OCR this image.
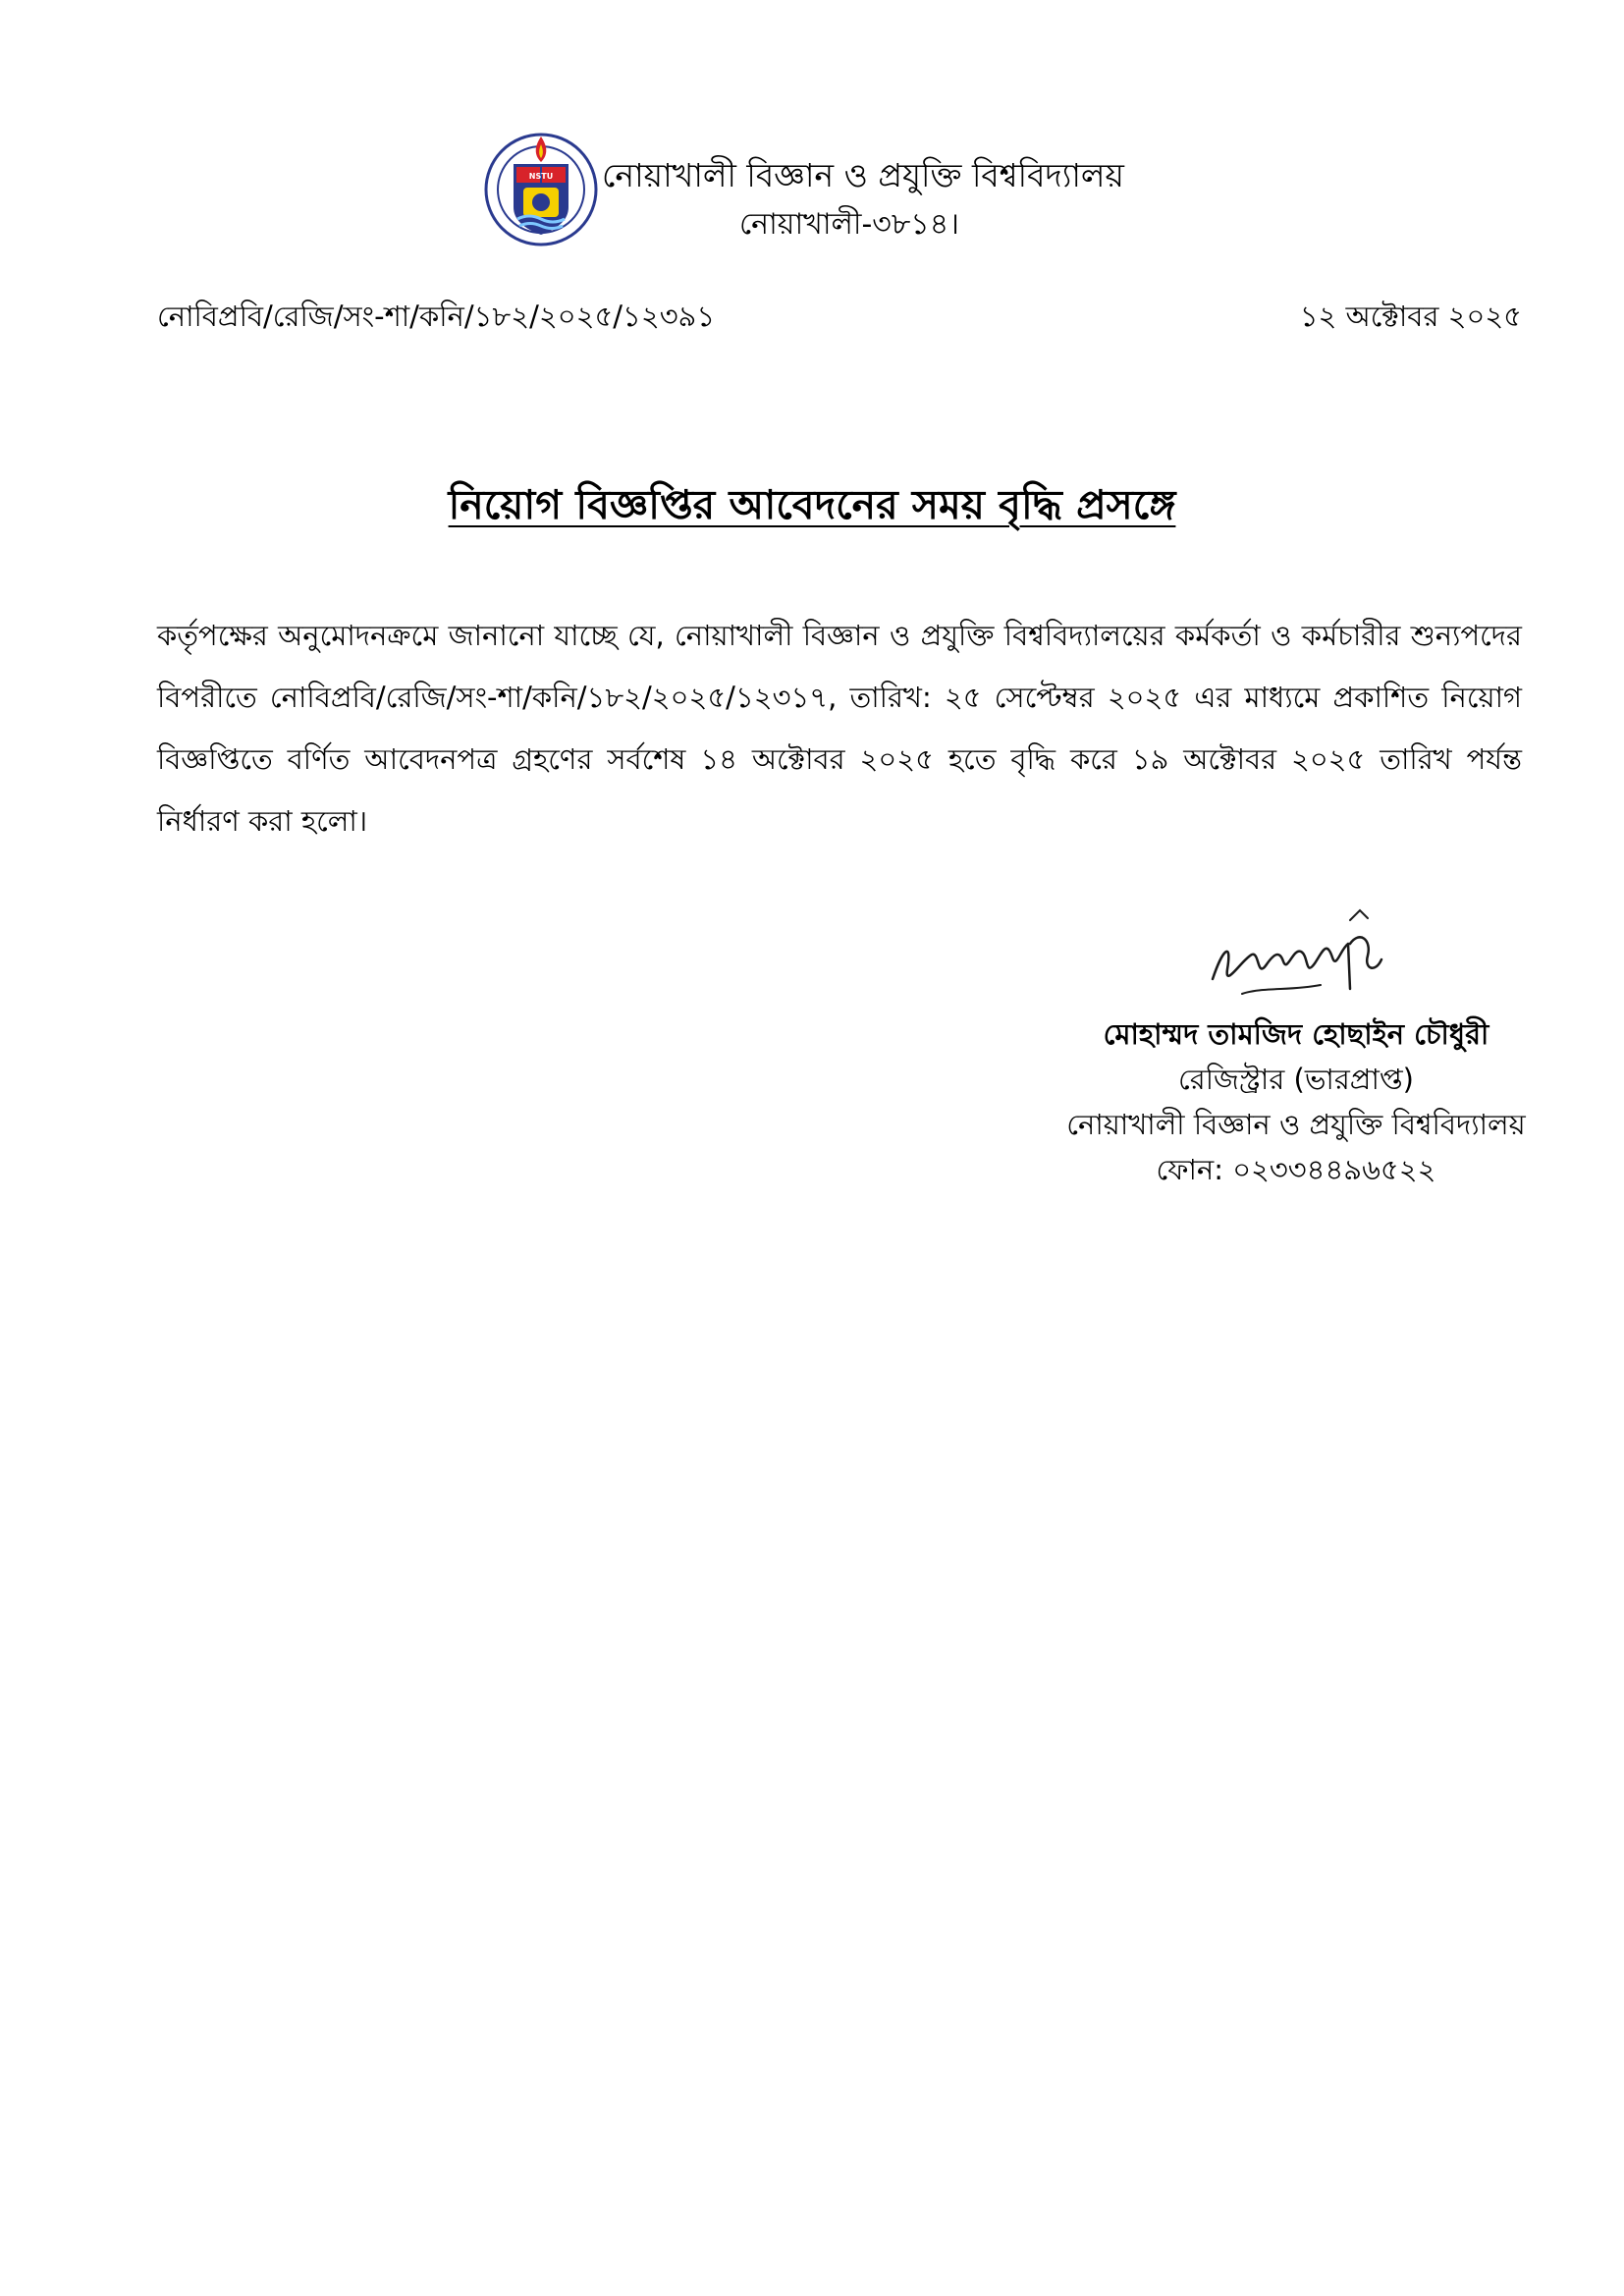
NSTU নোয়াখালী বিজ্ঞান ও প্রযুক্তি বিশ্ববিদ্যালয়
নোয়াখালী-৩৮১৪।
নোবিপ্রবি/রেজি/সং-শা/কনি/১৮২/২০২৫/১২৩৯১	১২ অক্টোবর ২০২৫
নিয়োগ বিজ্ঞপ্তির আবেদনের সময় বৃদ্ধি প্রসঙ্গে
কর্তৃপক্ষের অনুমোদনক্রমে জানানো যাচ্ছে যে, নোয়াখালী বিজ্ঞান ও প্রযুক্তি বিশ্ববিদ্যালয়ের কর্মকর্তা ও কর্মচারীর শুন্যপদের বিপরীতে নোবিপ্রবি/রেজি/সং-শা/কনি/১৮২/২০২৫/১২৩১৭, তারিখ: ২৫ সেপ্টেম্বর ২০২৫ এর মাধ্যমে প্রকাশিত নিয়োগ বিজ্ঞপ্তিতে বর্ণিত আবেদনপত্র গ্রহণের সর্বশেষ ১৪ অক্টোবর ২০২৫ হতে বৃদ্ধি করে ১৯ অক্টোবর ২০২৫ তারিখ পর্যন্ত নির্ধারণ করা হলো।
মোহাম্মদ তামজিদ হোছাইন চৌধুরী
রেজিস্ট্রার (ভারপ্রাপ্ত)
নোয়াখালী বিজ্ঞান ও প্রযুক্তি বিশ্ববিদ্যালয়
ফোন: ০২৩৩৪৪৯৬৫২২
